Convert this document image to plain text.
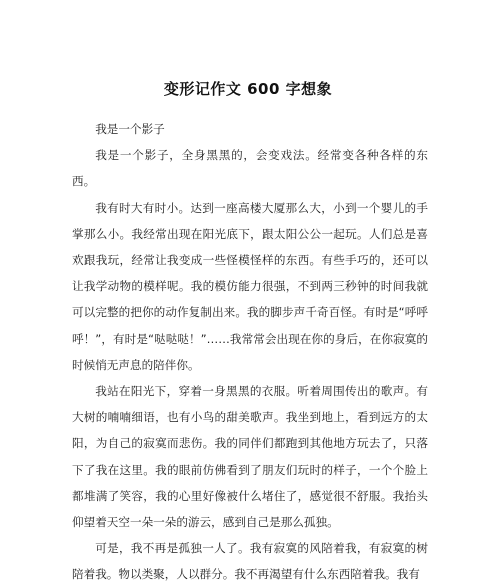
变形记作文 600 字想象

我是一个影子

我是一个影子，全身黑黑的，会变戏法。经常变各种各样的东西。

我有时大有时小。达到一座高楼大厦那么大，小到一个婴儿的手掌那么小。我经常出现在阳光底下，跟太阳公公一起玩。人们总是喜欢跟我玩，经常让我变成一些怪模怪样的东西。有些手巧的，还可以让我学动物的模样呢。我的模仿能力很强，不到两三秒钟的时间我就可以完整的把你的动作复制出来。我的脚步声千奇百怪。有时是“呼呼呼！”，有时是“哒哒哒！”……我常常会出现在你的身后，在你寂寞的时候悄无声息的陪伴你。

我站在阳光下，穿着一身黑黑的衣服。听着周围传出的歌声。有大树的喃喃细语，也有小鸟的甜美歌声。我坐到地上，看到远方的太阳，为自己的寂寞而悲伤。我的同伴们都跑到其他地方玩去了，只落下了我在这里。我的眼前仿佛看到了朋友们玩时的样子，一个个脸上都堆满了笑容，我的心里好像被什么堵住了，感觉很不舒服。我抬头仰望着天空一朵一朵的游云，感到自己是那么孤独。

可是，我不再是孤独一人了。我有寂寞的风陪着我，有寂寞的树陪着我。物以类聚，人以群分。我不再渴望有什么东西陪着我。我有
